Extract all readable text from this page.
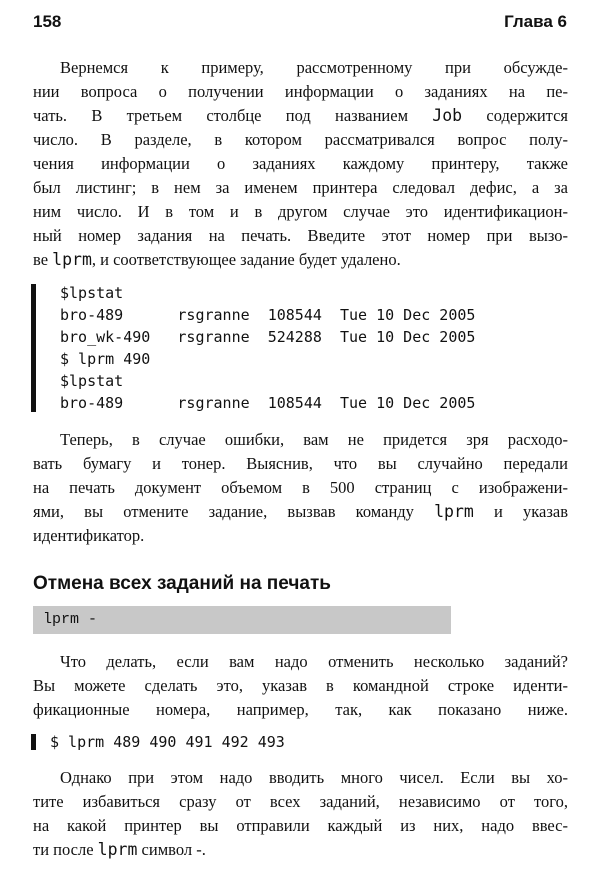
158	Глава 6
Вернемся к примеру, рассмотренному при обсужде-
нии вопроса о получении информации о заданиях на пе-
чать. В третьем столбце под названием Job содержится
число. В разделе, в котором рассматривался вопрос полу-
чения информации о заданиях каждому принтеру, также
был листинг; в нем за именем принтера следовал дефис, а за
ним число. И в том и в другом случае это идентификацион-
ный номер задания на печать. Введите этот номер при вызо-
ве lprm, и соответствующее задание будет удалено.
$lpstat
bro-489      rsgranne  108544  Tue 10 Dec 2005
bro_wk-490   rsgranne  524288  Tue 10 Dec 2005
$ lprm 490
$lpstat
bro-489      rsgranne  108544  Tue 10 Dec 2005
Теперь, в случае ошибки, вам не придется зря расходо-
вать бумагу и тонер. Выяснив, что вы случайно передали
на печать документ объемом в 500 страниц с изображени-
ями, вы отмените задание, вызвав команду lprm и указав
идентификатор.
Отмена всех заданий на печать
lprm -
Что делать, если вам надо отменить несколько заданий?
Вы можете сделать это, указав в командной строке иденти-
фикационные номера, например, так, как показано ниже.
$ lprm 489 490 491 492 493
Однако при этом надо вводить много чисел. Если вы хо-
тите избавиться сразу от всех заданий, независимо от того,
на какой принтер вы отправили каждый из них, надо ввес-
ти после lprm символ -.
